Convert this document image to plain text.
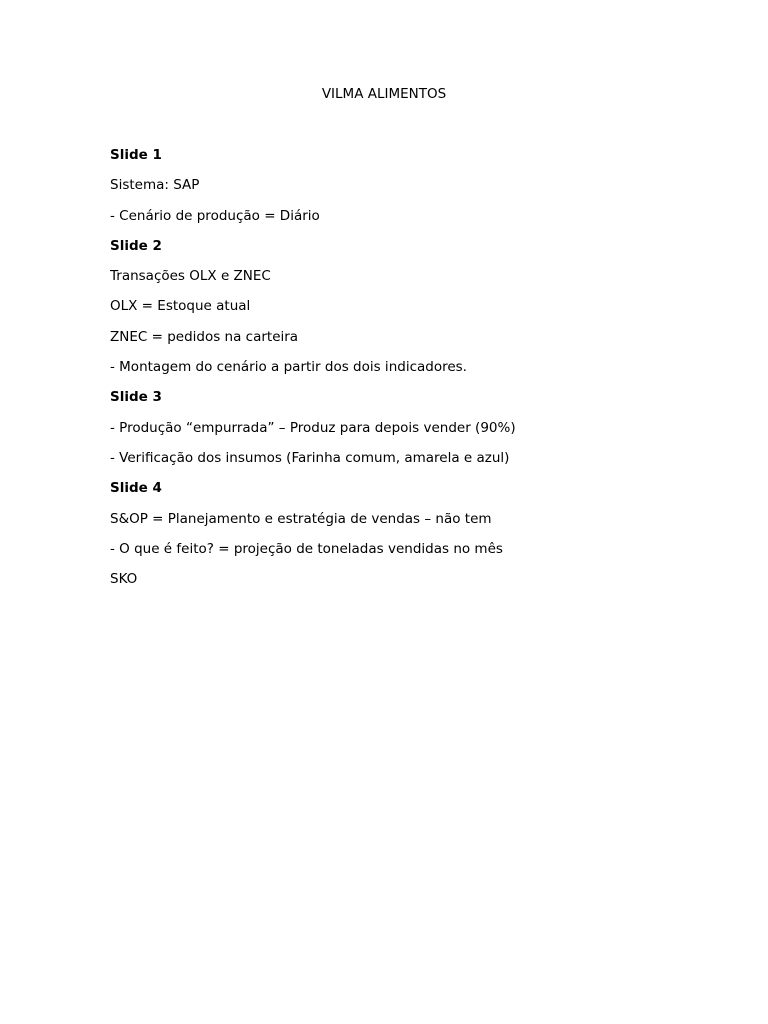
VILMA ALIMENTOS
Slide 1
Sistema: SAP
- Cenário de produção = Diário
Slide 2
Transações OLX e ZNEC
OLX = Estoque atual
ZNEC = pedidos na carteira
- Montagem do cenário a partir dos dois indicadores.
Slide 3
- Produção “empurrada” – Produz para depois vender (90%)
- Verificação dos insumos (Farinha comum, amarela e azul)
Slide 4
S&OP = Planejamento e estratégia de vendas – não tem
- O que é feito? = projeção de toneladas vendidas no mês
SKO
